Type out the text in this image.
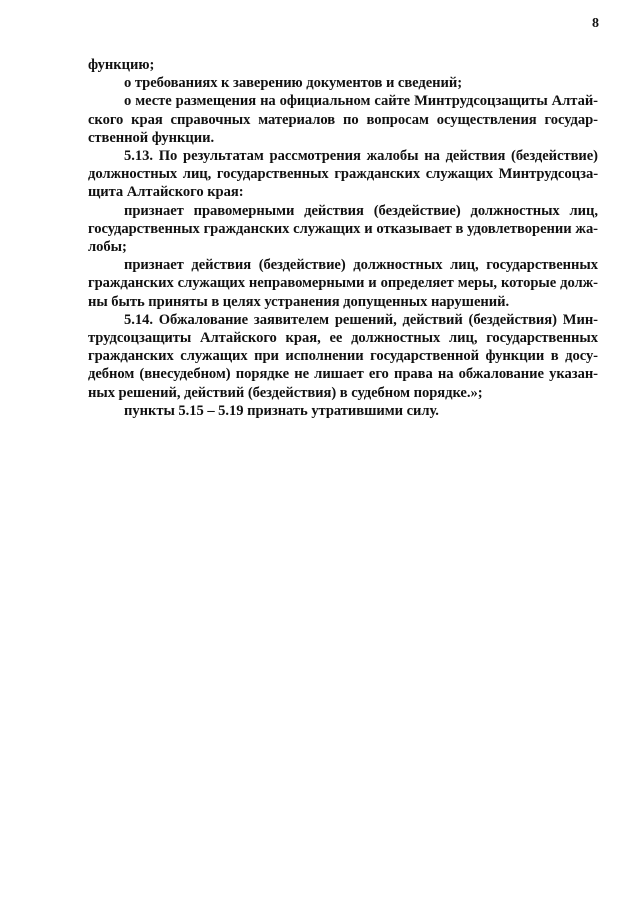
8
функцию;
о требованиях к заверению документов и сведений;
о месте размещения на официальном сайте Минтрудсоцзащиты Алтай-
ского края справочных материалов по вопросам осуществления государ-
ственной функции.
5.13. По результатам рассмотрения жалобы на действия (бездействие)
должностных лиц, государственных гражданских служащих Минтрудсоцза-
щита Алтайского края:
признает правомерными действия (бездействие) должностных лиц,
государственных гражданских служащих и отказывает в удовлетворении жа-
лобы;
признает действия (бездействие) должностных лиц, государственных
гражданских служащих неправомерными и определяет меры, которые долж-
ны быть приняты в целях устранения допущенных нарушений.
5.14. Обжалование заявителем решений, действий (бездействия) Мин-
трудсоцзащиты Алтайского края, ее должностных лиц, государственных
гражданских служащих при исполнении государственной функции в досу-
дебном (внесудебном) порядке не лишает его права на обжалование указан-
ных решений, действий (бездействия) в судебном порядке.»;
пункты 5.15 – 5.19 признать утратившими силу.
